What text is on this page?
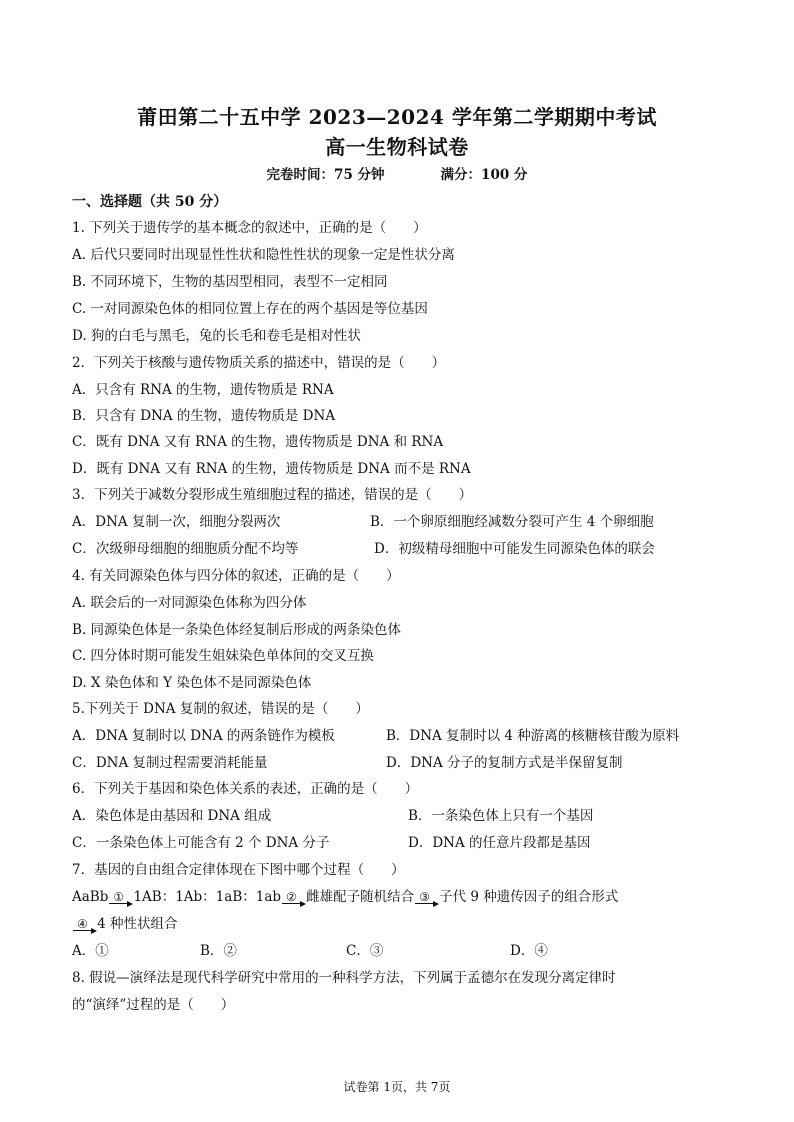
莆田第二十五中学 2023—2024 学年第二学期期中考试
高一生物科试卷
完卷时间：75 分钟	满分：100 分
一、选择题（共 50 分）
1. 下列关于遗传学的基本概念的叙述中，正确的是（　　）
A. 后代只要同时出现显性性状和隐性性状的现象一定是性状分离
B. 不同环境下，生物的基因型相同，表型不一定相同
C. 一对同源染色体的相同位置上存在的两个基因是等位基因
D. 狗的白毛与黑毛，兔的长毛和卷毛是相对性状
2．下列关于核酸与遗传物质关系的描述中，错误的是（　　）
A．只含有 RNA 的生物，遗传物质是 RNA
B．只含有 DNA 的生物，遗传物质是 DNA
C．既有 DNA 又有 RNA 的生物，遗传物质是 DNA 和 RNA
D．既有 DNA 又有 RNA 的生物，遗传物质是 DNA 而不是 RNA
3．下列关于减数分裂形成生殖细胞过程的描述，错误的是（　　）
A．DNA 复制一次，细胞分裂两次	B．一个卵原细胞经减数分裂可产生 4 个卵细胞
C．次级卵母细胞的细胞质分配不均等	D．初级精母细胞中可能发生同源染色体的联会
4. 有关同源染色体与四分体的叙述，正确的是（　　）
A. 联会后的一对同源染色体称为四分体
B. 同源染色体是一条染色体经复制后形成的两条染色体
C. 四分体时期可能发生姐妹染色单体间的交叉互换
D. X 染色体和 Y 染色体不是同源染色体
5.下列关于 DNA 复制的叙述，错误的是（　　）
A．DNA 复制时以 DNA 的两条链作为模板	B．DNA 复制时以 4 种游离的核糖核苷酸为原料
C．DNA 复制过程需要消耗能量	D．DNA 分子的复制方式是半保留复制
6．下列关于基因和染色体关系的表述，正确的是（　　）
A．染色体是由基因和 DNA 组成	B．一条染色体上只有一个基因
C．一条染色体上可能含有 2 个 DNA 分子	D．DNA 的任意片段都是基因
7．基因的自由组合定律体现在下图中哪个过程（　　）
AaBb ① 1AB：1Ab：1aB：1ab ② 雌雄配子随机结合 ③ 子代 9 种遗传因子的组合形式
④ 4 种性状组合
A．①	B．②	C．③	D．④
8. 假说—演绎法是现代科学研究中常用的一种科学方法，下列属于孟德尔在发现分离定律时
的“演绎”过程的是（　　）
试卷第 1页，共 7页
